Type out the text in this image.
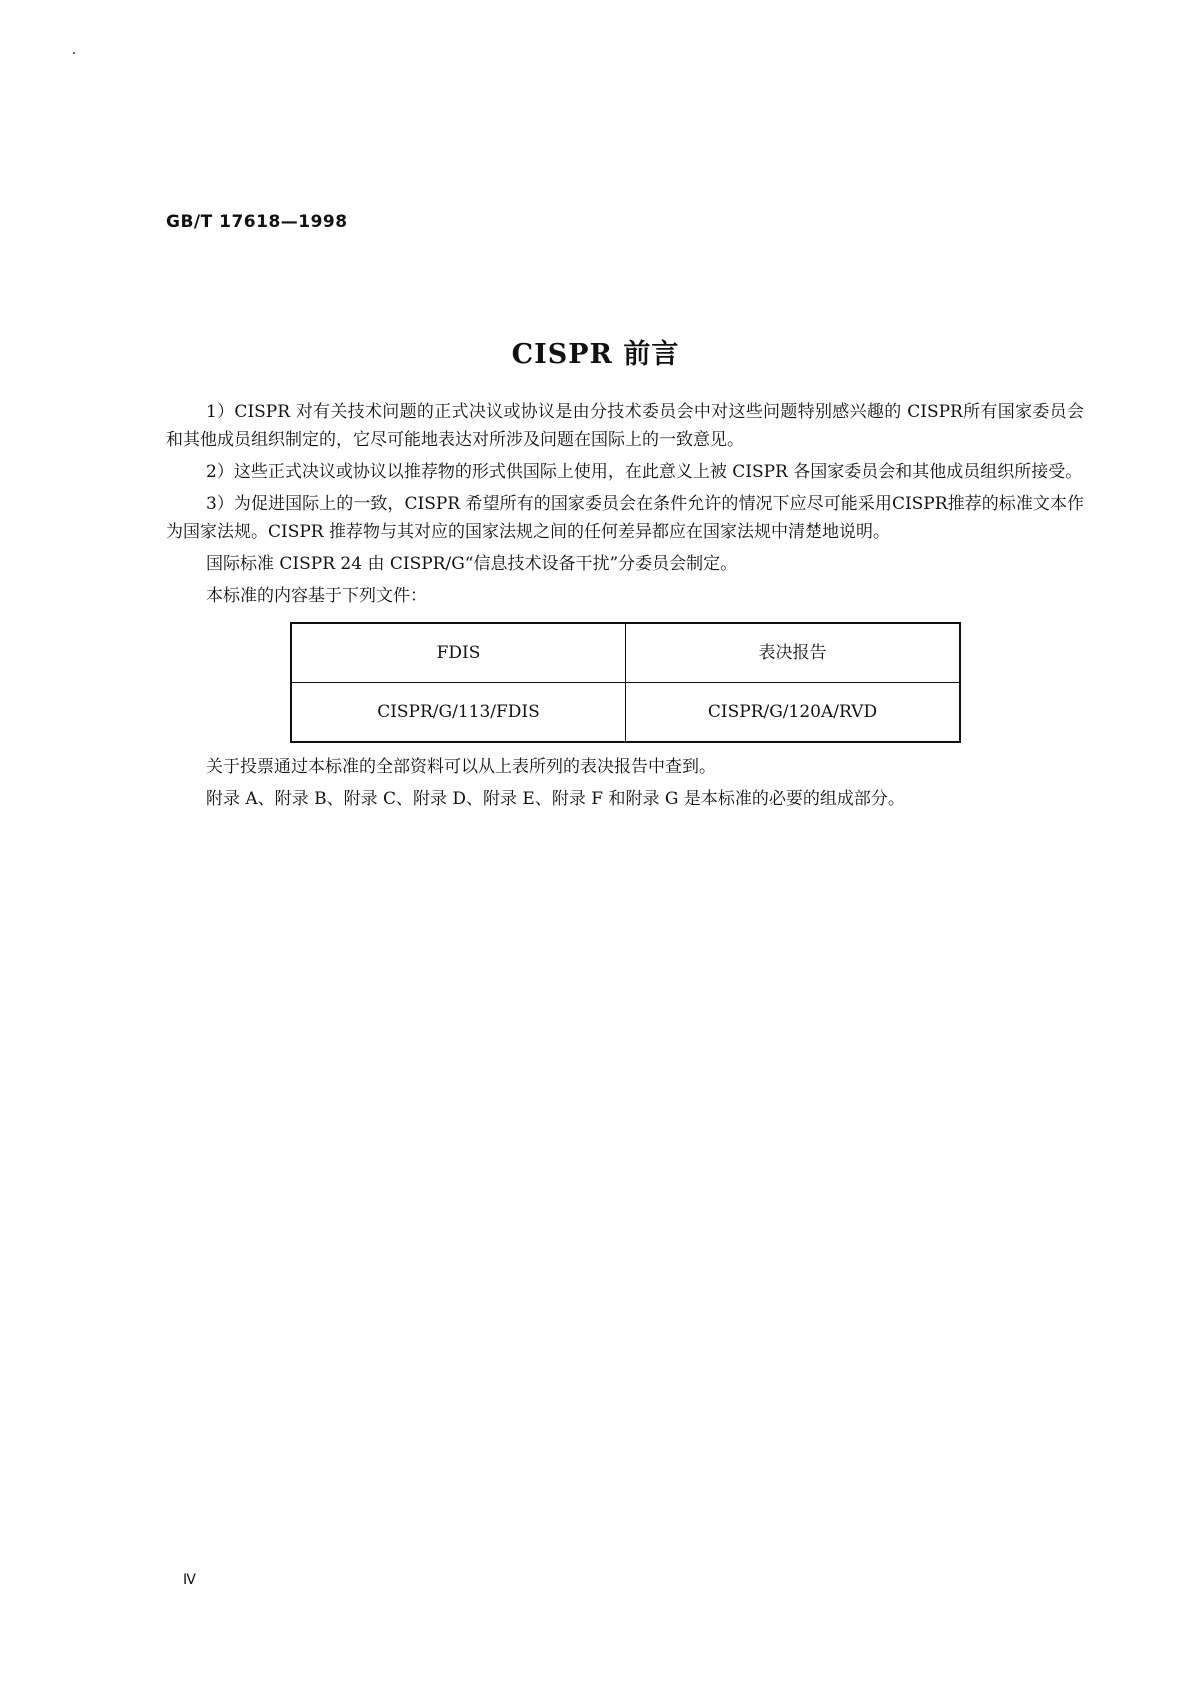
GB/T 17618—1998
CISPR 前言

1）CISPR 对有关技术问题的正式决议或协议是由分技术委员会中对这些问题特别感兴趣的 CISPR所有国家委员会和其他成员组织制定的，它尽可能地表达对所涉及问题在国际上的一致意见。

2）这些正式决议或协议以推荐物的形式供国际上使用，在此意义上被 CISPR 各国家委员会和其他成员组织所接受。

3）为促进国际上的一致，CISPR 希望所有的国家委员会在条件允许的情况下应尽可能采用CISPR推荐的标准文本作为国家法规。CISPR 推荐物与其对应的国家法规之间的任何差异都应在国家法规中清楚地说明。

国际标准 CISPR 24 由 CISPR/G“信息技术设备干扰”分委员会制定。

本标准的内容基于下列文件：

FDIS	表决报告
CISPR/G/113/FDIS	CISPR/G/120A/RVD

关于投票通过本标准的全部资料可以从上表所列的表决报告中查到。

附录 A、附录 B、附录 C、附录 D、附录 E、附录 F 和附录 G 是本标准的必要的组成部分。

Ⅳ
